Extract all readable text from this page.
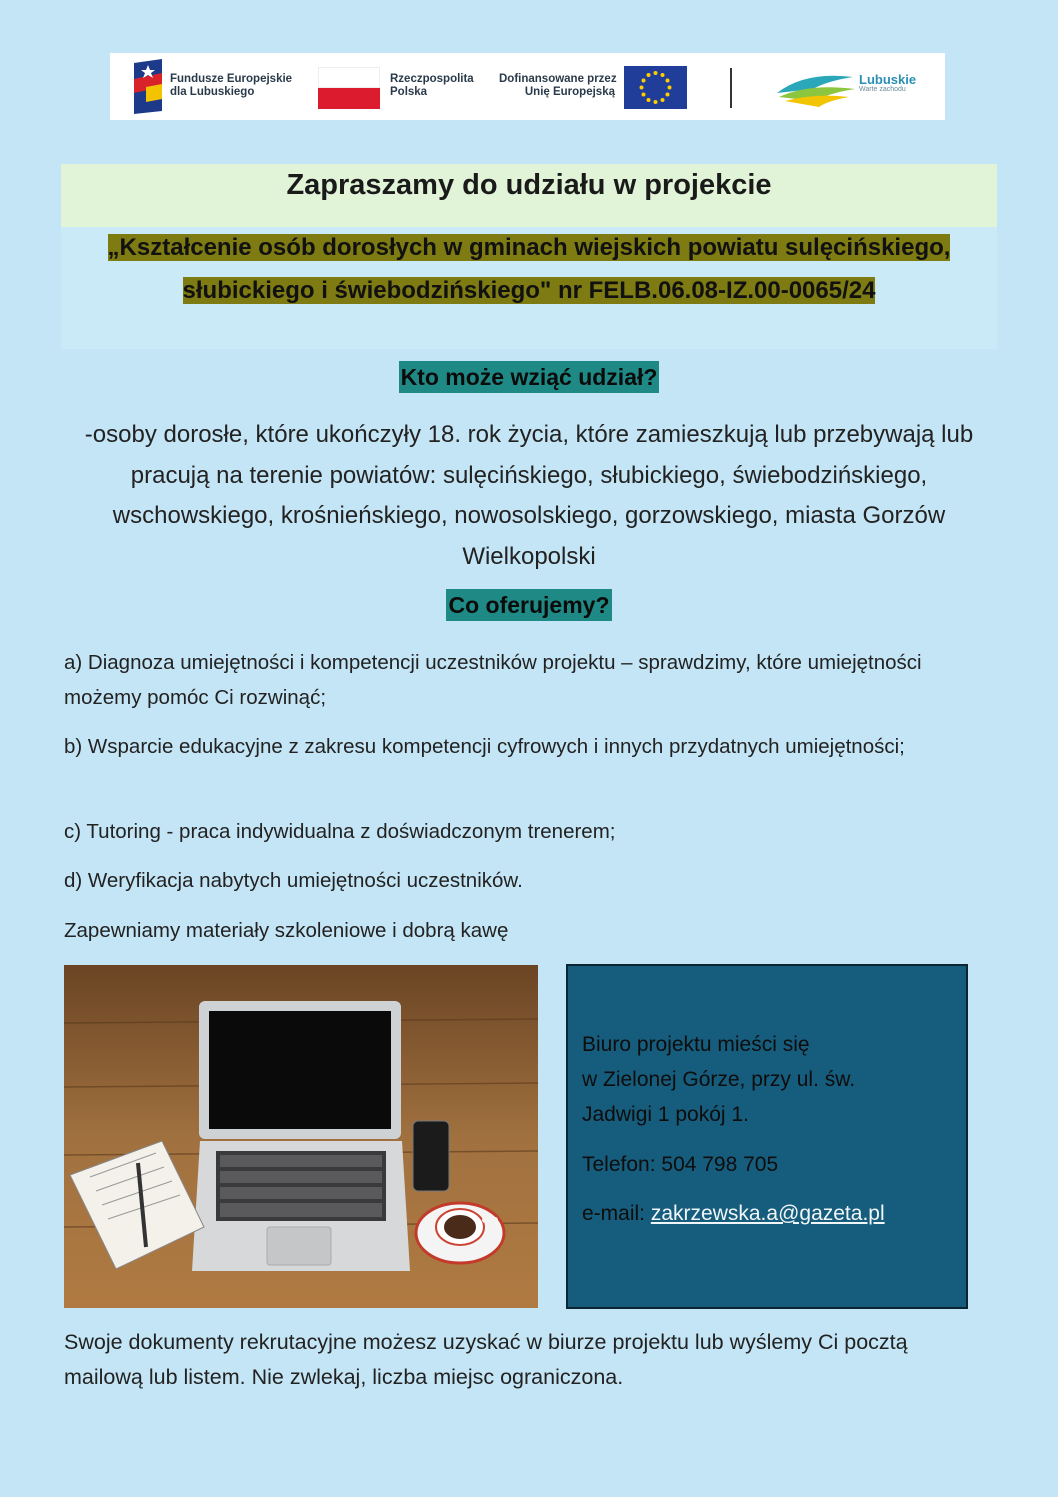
Fundusze Europejskie
dla Lubuskiego
Rzeczpospolita
Polska
Dofinansowane przez
Unię Europejską
Lubuskie
Warte zachodu
Zapraszamy do udziału w projekcie

„Kształcenie osób dorosłych w gminach wiejskich powiatu sulęcińskiego, słubickiego i świebodzińskiego" nr FELB.06.08-IZ.00-0065/24

Kto może wziąć udział?
-osoby dorosłe, które ukończyły 18. rok życia, które zamieszkują lub przebywają lub pracują na terenie powiatów: sulęcińskiego, słubickiego, świebodzińskiego, wschowskiego, krośnieńskiego, nowosolskiego, gorzowskiego, miasta Gorzów Wielkopolski
Co oferujemy?

a) Diagnoza umiejętności i kompetencji uczestników projektu – sprawdzimy, które umiejętności możemy pomóc Ci rozwinąć;

b) Wsparcie edukacyjne z zakresu kompetencji cyfrowych i innych przydatnych umiejętności;

c) Tutoring - praca indywidualna z doświadczonym trenerem;

d) Weryfikacja nabytych umiejętności uczestników.

Zapewniamy materiały szkoleniowe i dobrą kawę

Biuro projektu mieści się
w Zielonej Górze, przy ul. św.
Jadwigi 1 pokój 1.
Telefon: 504 798 705
e-mail: zakrzewska.a@gazeta.pl

Swoje dokumenty rekrutacyjne możesz uzyskać w biurze projektu lub wyślemy Ci pocztą mailową lub listem. Nie zwlekaj, liczba miejsc ograniczona.
